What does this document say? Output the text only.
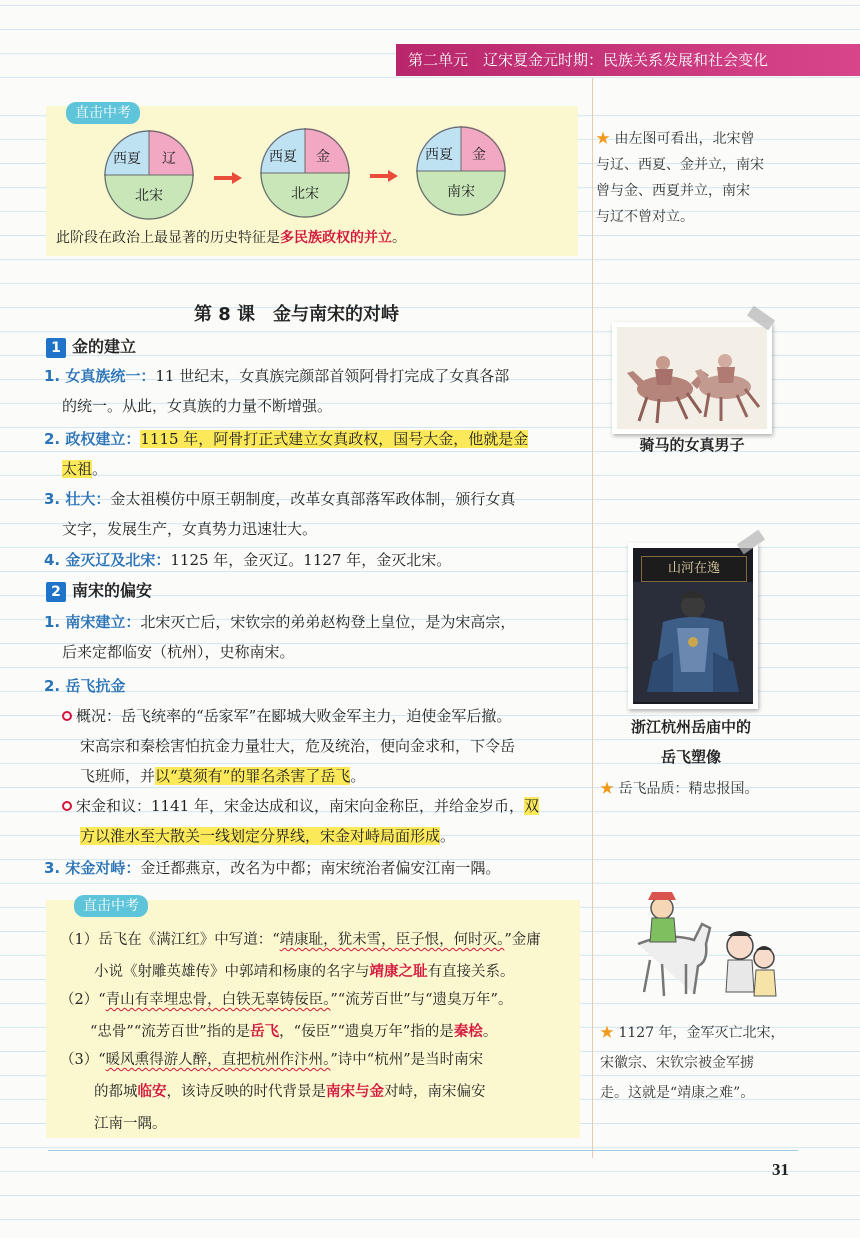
第二单元　辽宋夏金元时期：民族关系发展和社会变化
直击中考
西夏 辽
北宋
西夏 金
北宋
西夏 金
南宋
此阶段在政治上最显著的历史特征是多民族政权的并立。
★ 由左图可看出，北宋曾
与辽、西夏、金并立，南宋
曾与金、西夏并立，南宋
与辽不曾对立。
第 8 课　金与南宋的对峙
1 金的建立
1. 女真族统一：11 世纪末，女真族完颜部首领阿骨打完成了女真各部
的统一。从此，女真族的力量不断增强。
2. 政权建立：1115 年，阿骨打正式建立女真政权，国号大金，他就是金
太祖。
3. 壮大：金太祖模仿中原王朝制度，改革女真部落军政体制，颁行女真
文字，发展生产，女真势力迅速壮大。
4. 金灭辽及北宋：1125 年，金灭辽。1127 年，金灭北宋。
2 南宋的偏安
1. 南宋建立：北宋灭亡后，宋钦宗的弟弟赵构登上皇位，是为宋高宗，
后来定都临安（杭州），史称南宋。
2. 岳飞抗金
概况：岳飞统率的“岳家军”在郾城大败金军主力，迫使金军后撤。
宋高宗和秦桧害怕抗金力量壮大，危及统治，便向金求和，下令岳
飞班师，并以“莫须有”的罪名杀害了岳飞。
宋金和议：1141 年，宋金达成和议，南宋向金称臣，并给金岁币，双
方以淮水至大散关一线划定分界线，宋金对峙局面形成。
3. 宋金对峙：金迁都燕京，改名为中都；南宋统治者偏安江南一隅。
直击中考
（1）岳飞在《满江红》中写道：“靖康耻，犹未雪，臣子恨，何时灭。”金庸
小说《射雕英雄传》中郭靖和杨康的名字与靖康之耻有直接关系。
（2）“青山有幸埋忠骨，白铁无辜铸佞臣。”“流芳百世”与“遗臭万年”。
“忠骨”“流芳百世”指的是岳飞，“佞臣”“遗臭万年”指的是秦桧。
（3）“暖风熏得游人醉，直把杭州作汴州。”诗中“杭州”是当时南宋
的都城临安，该诗反映的时代背景是南宋与金对峙，南宋偏安
江南一隅。
骑马的女真男子
山河在逸
浙江杭州岳庙中的
岳飞塑像
★ 岳飞品质：精忠报国。
★ 1127 年，金军灭亡北宋，
宋徽宗、宋钦宗被金军掳
走。这就是“靖康之难”。
31
